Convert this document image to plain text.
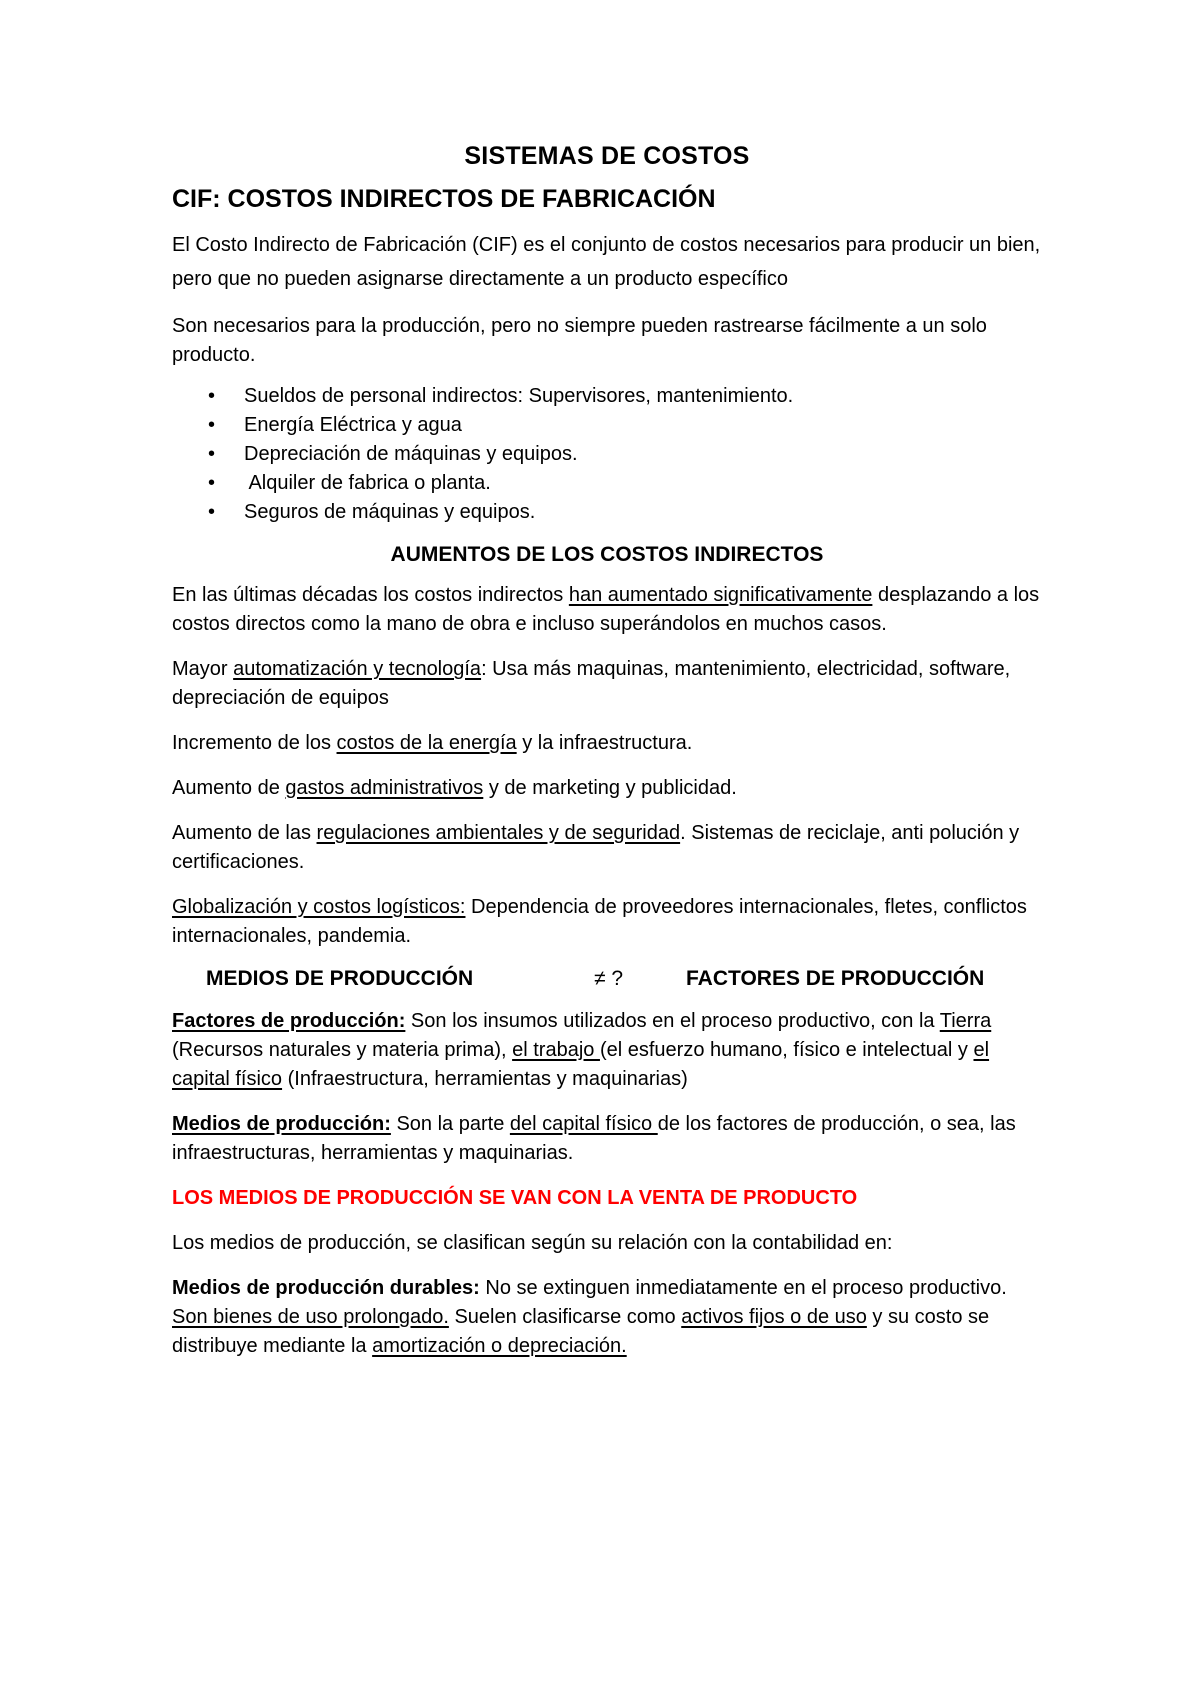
SISTEMAS DE COSTOS
CIF: COSTOS INDIRECTOS DE FABRICACIÓN

El Costo Indirecto de Fabricación (CIF) es el conjunto de costos necesarios para producir un bien, pero que no pueden asignarse directamente a un producto específico

Son necesarios para la producción, pero no siempre pueden rastrearse fácilmente a un solo producto.

• Sueldos de personal indirectos: Supervisores, mantenimiento.
• Energía Eléctrica y agua
• Depreciación de máquinas y equipos.
•  Alquiler de fabrica o planta.
• Seguros de máquinas y equipos.
AUMENTOS DE LOS COSTOS INDIRECTOS

En las últimas décadas los costos indirectos han aumentado significativamente desplazando a los costos directos como la mano de obra e incluso superándolos en muchos casos.

Mayor automatización y tecnología: Usa más maquinas, mantenimiento, electricidad, software, depreciación de equipos

Incremento de los costos de la energía y la infraestructura.

Aumento de gastos administrativos y de marketing y publicidad.

Aumento de las regulaciones ambientales y de seguridad. Sistemas de reciclaje, anti polución y certificaciones.

Globalización y costos logísticos: Dependencia de proveedores internacionales, fletes, conflictos internacionales, pandemia.

MEDIOS DE PRODUCCIÓN	≠ ?	FACTORES DE PRODUCCIÓN

Factores de producción: Son los insumos utilizados en el proceso productivo, con la Tierra (Recursos naturales y materia prima), el trabajo (el esfuerzo humano, físico e intelectual y el capital físico (Infraestructura, herramientas y maquinarias)

Medios de producción: Son la parte del capital físico de los factores de producción, o sea, las infraestructuras, herramientas y maquinarias.

LOS MEDIOS DE PRODUCCIÓN SE VAN CON LA VENTA DE PRODUCTO

Los medios de producción, se clasifican según su relación con la contabilidad en:

Medios de producción durables: No se extinguen inmediatamente en el proceso productivo. Son bienes de uso prolongado. Suelen clasificarse como activos fijos o de uso y su costo se distribuye mediante la amortización o depreciación.
